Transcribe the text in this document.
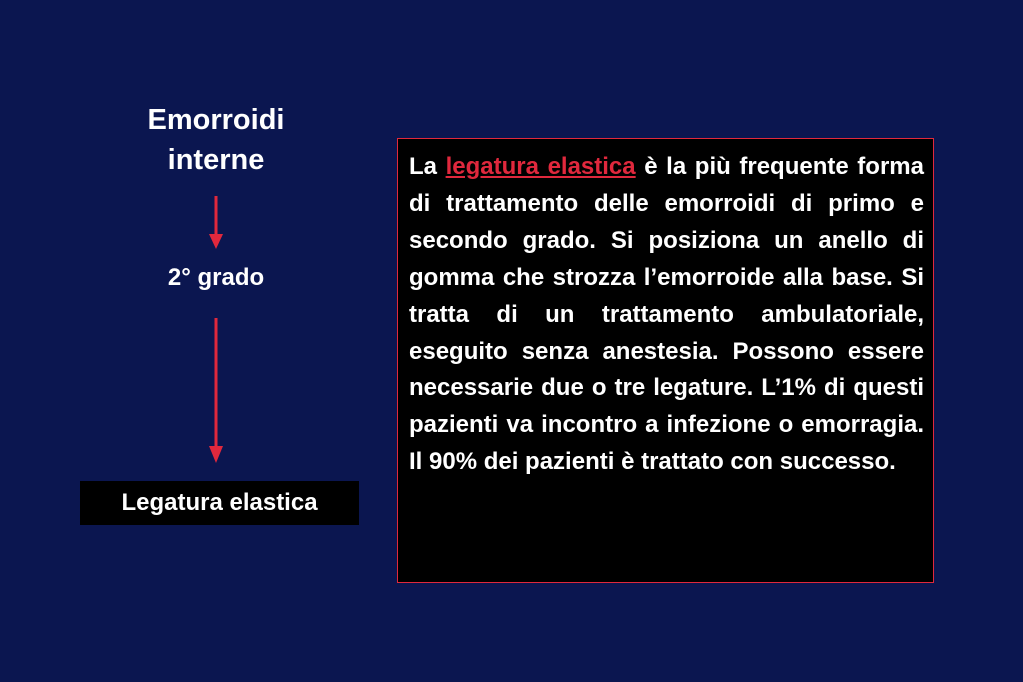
Emorroidi
interne
2° grado
Legatura elastica

La legatura elastica è la più frequente forma di trattamento delle emorroidi di primo e secondo grado. Si posiziona un anello di gomma che strozza l’emorroide alla base. Si tratta di un trattamento ambulatoriale, eseguito senza anestesia. Possono essere necessarie due o tre legature. L’1% di questi pazienti va incontro a infezione o emorragia. Il 90% dei pazienti è trattato con successo.
